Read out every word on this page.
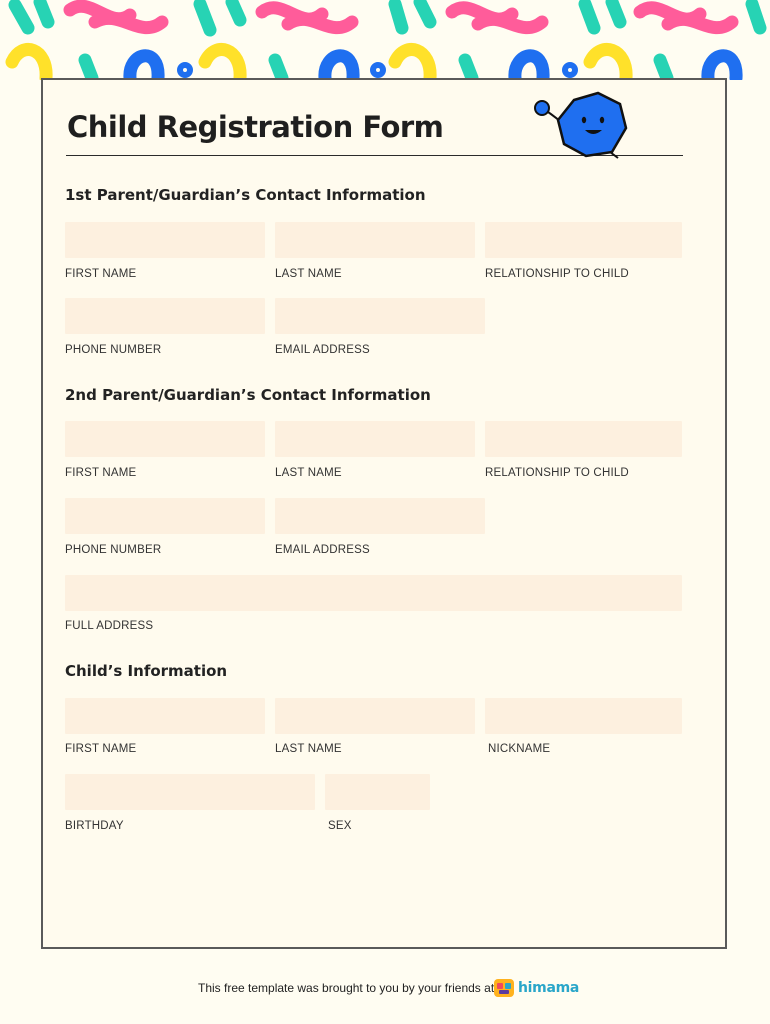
Child Registration Form
1st Parent/Guardian’s Contact Information
FIRST NAME	LAST NAME	RELATIONSHIP TO CHILD
PHONE NUMBER	EMAIL ADDRESS
2nd Parent/Guardian’s Contact Information
FIRST NAME	LAST NAME	RELATIONSHIP TO CHILD
PHONE NUMBER	EMAIL ADDRESS
FULL ADDRESS
Child’s Information
FIRST NAME	LAST NAME	NICKNAME
BIRTHDAY	SEX
This free template was brought to you by your friends at himama
